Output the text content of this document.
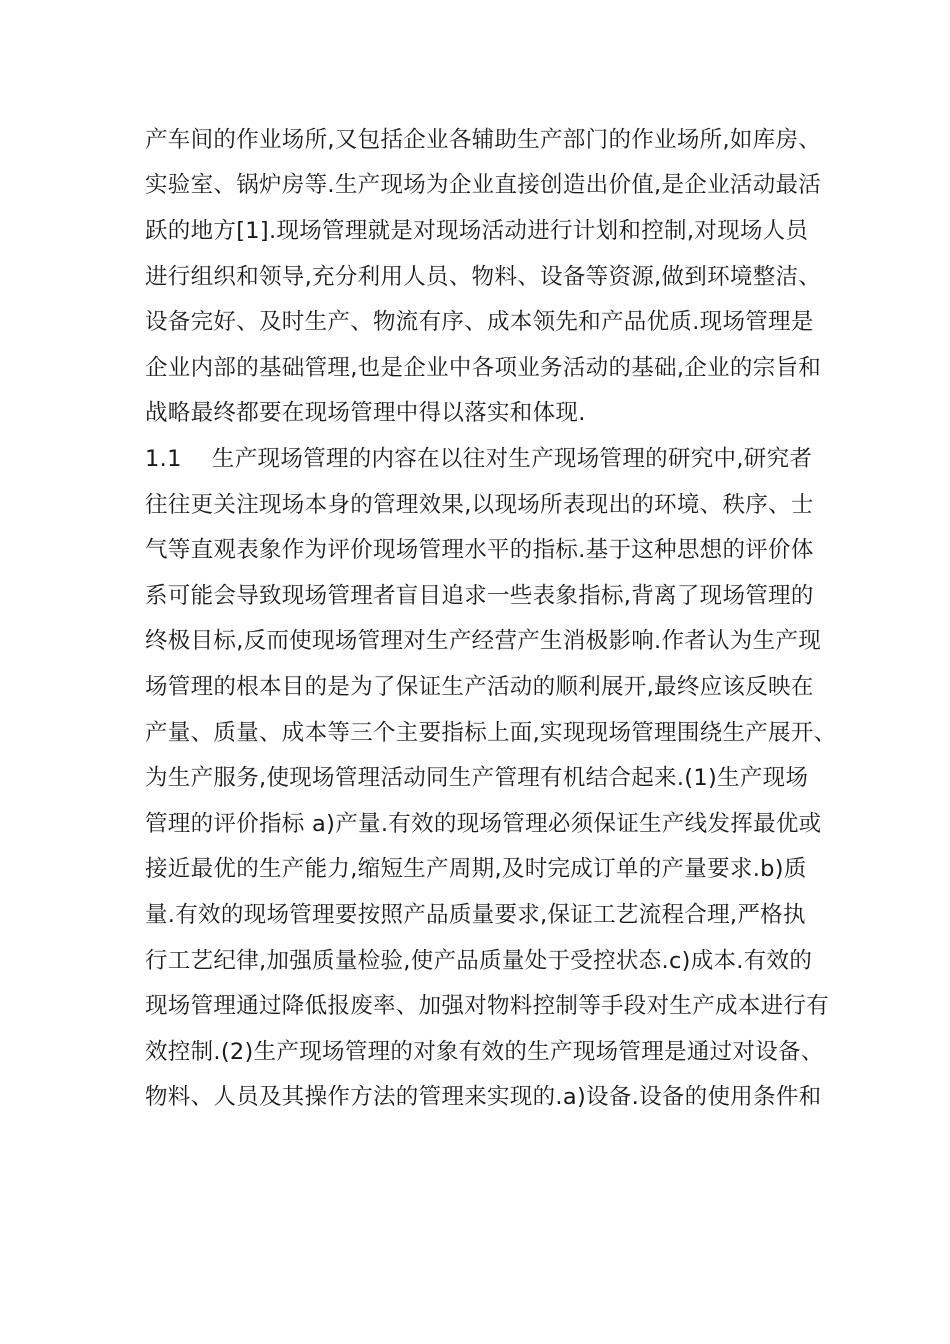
产车间的作业场所,又包括企业各辅助生产部门的作业场所,如库房、
实验室、锅炉房等.生产现场为企业直接创造出价值,是企业活动最活
跃的地方[1].现场管理就是对现场活动进行计划和控制,对现场人员
进行组织和领导,充分利用人员、物料、设备等资源,做到环境整洁、
设备完好、及时生产、物流有序、成本领先和产品优质.现场管理是
企业内部的基础管理,也是企业中各项业务活动的基础,企业的宗旨和
战略最终都要在现场管理中得以落实和体现.
1.1　 生产现场管理的内容在以往对生产现场管理的研究中,研究者
往往更关注现场本身的管理效果,以现场所表现出的环境、秩序、士
气等直观表象作为评价现场管理水平的指标.基于这种思想的评价体
系可能会导致现场管理者盲目追求一些表象指标,背离了现场管理的
终极目标,反而使现场管理对生产经营产生消极影响.作者认为生产现
场管理的根本目的是为了保证生产活动的顺利展开,最终应该反映在
产量、质量、成本等三个主要指标上面,实现现场管理围绕生产展开、
为生产服务,使现场管理活动同生产管理有机结合起来.(1)生产现场
管理的评价指标 a)产量.有效的现场管理必须保证生产线发挥最优或
接近最优的生产能力,缩短生产周期,及时完成订单的产量要求.b)质
量.有效的现场管理要按照产品质量要求,保证工艺流程合理,严格执
行工艺纪律,加强质量检验,使产品质量处于受控状态.c)成本.有效的
现场管理通过降低报废率、加强对物料控制等手段对生产成本进行有
效控制.(2)生产现场管理的对象有效的生产现场管理是通过对设备、
物料、人员及其操作方法的管理来实现的.a)设备.设备的使用条件和
